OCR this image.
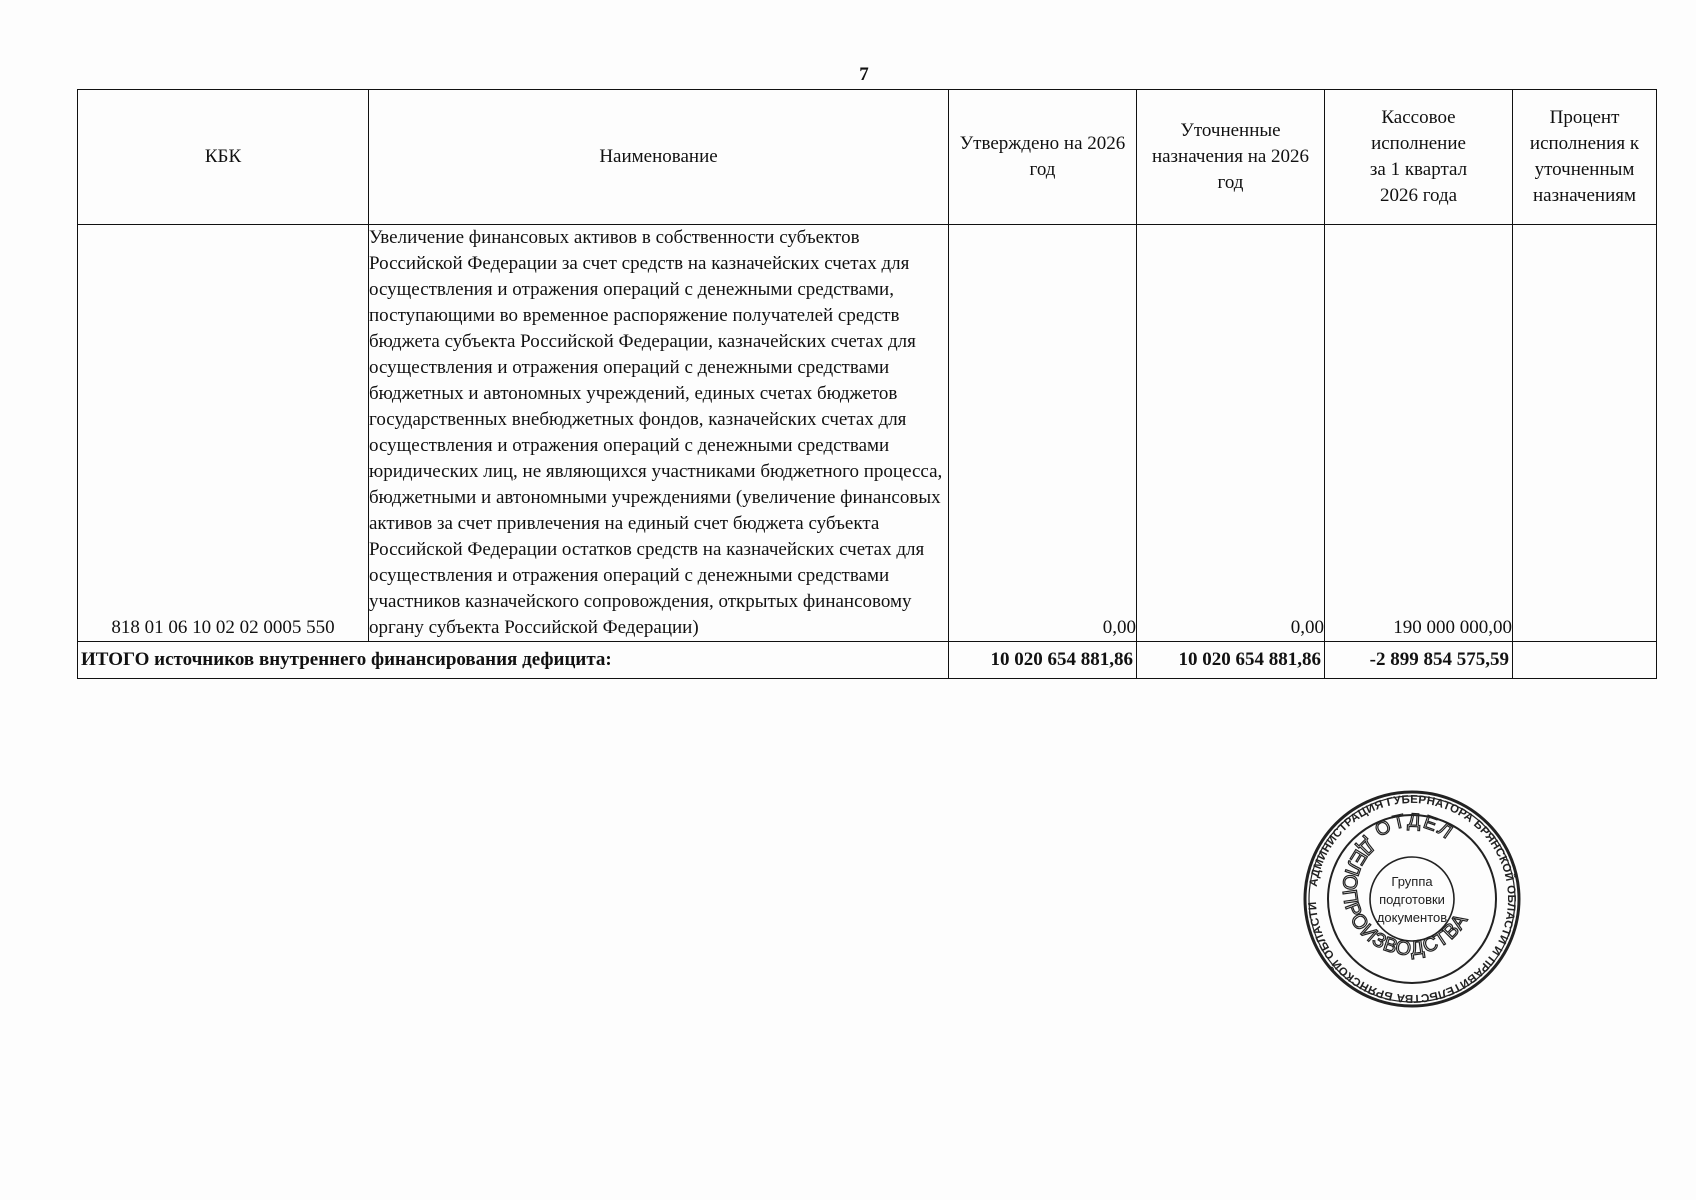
7
КБК	Наименование	Утверждено на 2026 год	Уточненные назначения на 2026 год	Кассовое исполнение
за 1 квартал
2026 года	Процент исполнения к уточненным назначениям

818 01 06 10 02 02 0005 550	Увеличение финансовых активов в собственности субъектов Российской Федерации за счет средств на казначейских счетах для осуществления и отражения операций с денежными средствами, поступающими во временное распоряжение получателей средств бюджета субъекта Российской Федерации, казначейских счетах для осуществления и отражения операций с денежными средствами бюджетных и автономных учреждений, единых счетах бюджетов государственных внебюджетных фондов, казначейских счетах для осуществления и отражения операций с денежными средствами юридических лиц, не являющихся участниками бюджетного процесса, бюджетными и автономными учреждениями (увеличение финансовых активов за счет привлечения на единый счет бюджета субъекта Российской Федерации остатков средств на казначейских счетах для осуществления и отражения операций с денежными средствами участников казначейского сопровождения, открытых финансовому органу субъекта Российской Федерации)	0,00	0,00	190 000 000,00	
ИТОГО источников внутреннего финансирования дефицита:		10 020 654 881,86	10 020 654 881,86	-2 899 854 575,59	
АДМИНИСТРАЦИЯ ГУБЕРНАТОРА БРЯНСКОЙ ОБЛАСТИ И ПРАВИТЕЛЬСТВА БРЯНСКОЙ ОБЛАСТИ
ОТДЕЛ
ДЕЛОПРОИЗВОДСТВА
Группа
подготовки
документов
